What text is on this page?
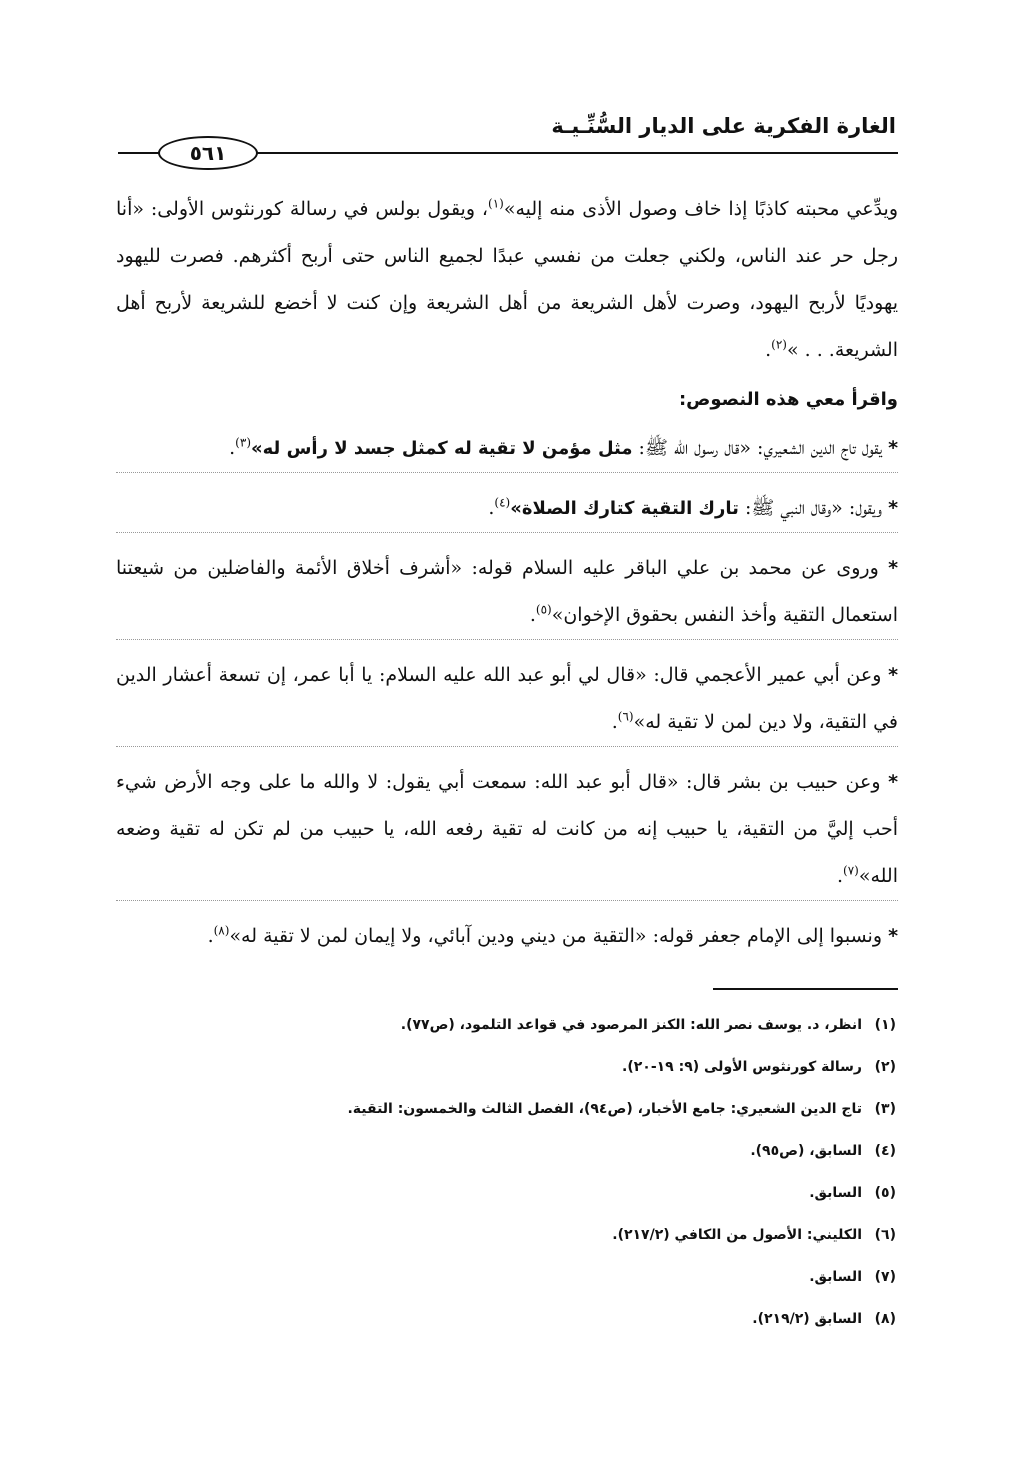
الغارة الفكرية على الديار السُّنِّـيـة
٥٦١

ويدِّعي محبته كاذبًا إذا خاف وصول الأذى منه إليه»$^{(١)}$، ويقول بولس في رسالة كورنثوس الأولى: «أنا رجل حر عند الناس، ولكني جعلت من نفسي عبدًا لجميع الناس حتى أربح أكثرهم. فصرت لليهود يهوديًا لأربح اليهود، وصرت لأهل الشريعة من أهل الشريعة وإن كنت لا أخضع للشريعة لأربح أهل الشريعة. . . »$^{(٢)}$.

واقرأ معي هذه النصوص:

* يقول تاج الدين الشعيري: «قال رسول الله ﷺ: مثل مؤمن لا تقية له كمثل جسد لا رأس له»$^{(٣)}$.

* ويقول: «وقال النبي ﷺ: تارك التقية كتارك الصلاة»$^{(٤)}$.

* وروى عن محمد بن علي الباقر عليه السلام قوله: «أشرف أخلاق الأئمة والفاضلين من شيعتنا استعمال التقية وأخذ النفس بحقوق الإخوان»$^{(٥)}$.

* وعن أبي عمير الأعجمي قال: «قال لي أبو عبد الله عليه السلام: يا أبا عمر، إن تسعة أعشار الدين في التقية، ولا دين لمن لا تقية له»$^{(٦)}$.

* وعن حبيب بن بشر قال: «قال أبو عبد الله: سمعت أبي يقول: لا والله ما على وجه الأرض شيء أحب إليَّ من التقية، يا حبيب إنه من كانت له تقية رفعه الله، يا حبيب من لم تكن له تقية وضعه الله»$^{(٧)}$.

* ونسبوا إلى الإمام جعفر قوله: «التقية من ديني ودين آبائي، ولا إيمان لمن لا تقية له»$^{(٨)}$.

(١)انظر، د. يوسف نصر الله: الكنز المرصود في قواعد التلمود، (ص٧٧).
(٢)رسالة كورنثوس الأولى (٩: ١٩-٢٠).
(٣)تاج الدين الشعيري: جامع الأخبار، (ص٩٤)، الفصل الثالث والخمسون: التقية.
(٤)السابق، (ص٩٥).
(٥)السابق.
(٦)الكليني: الأصول من الكافي (٢١٧/٢).
(٧)السابق.
(٨)السابق (٢١٩/٢).
